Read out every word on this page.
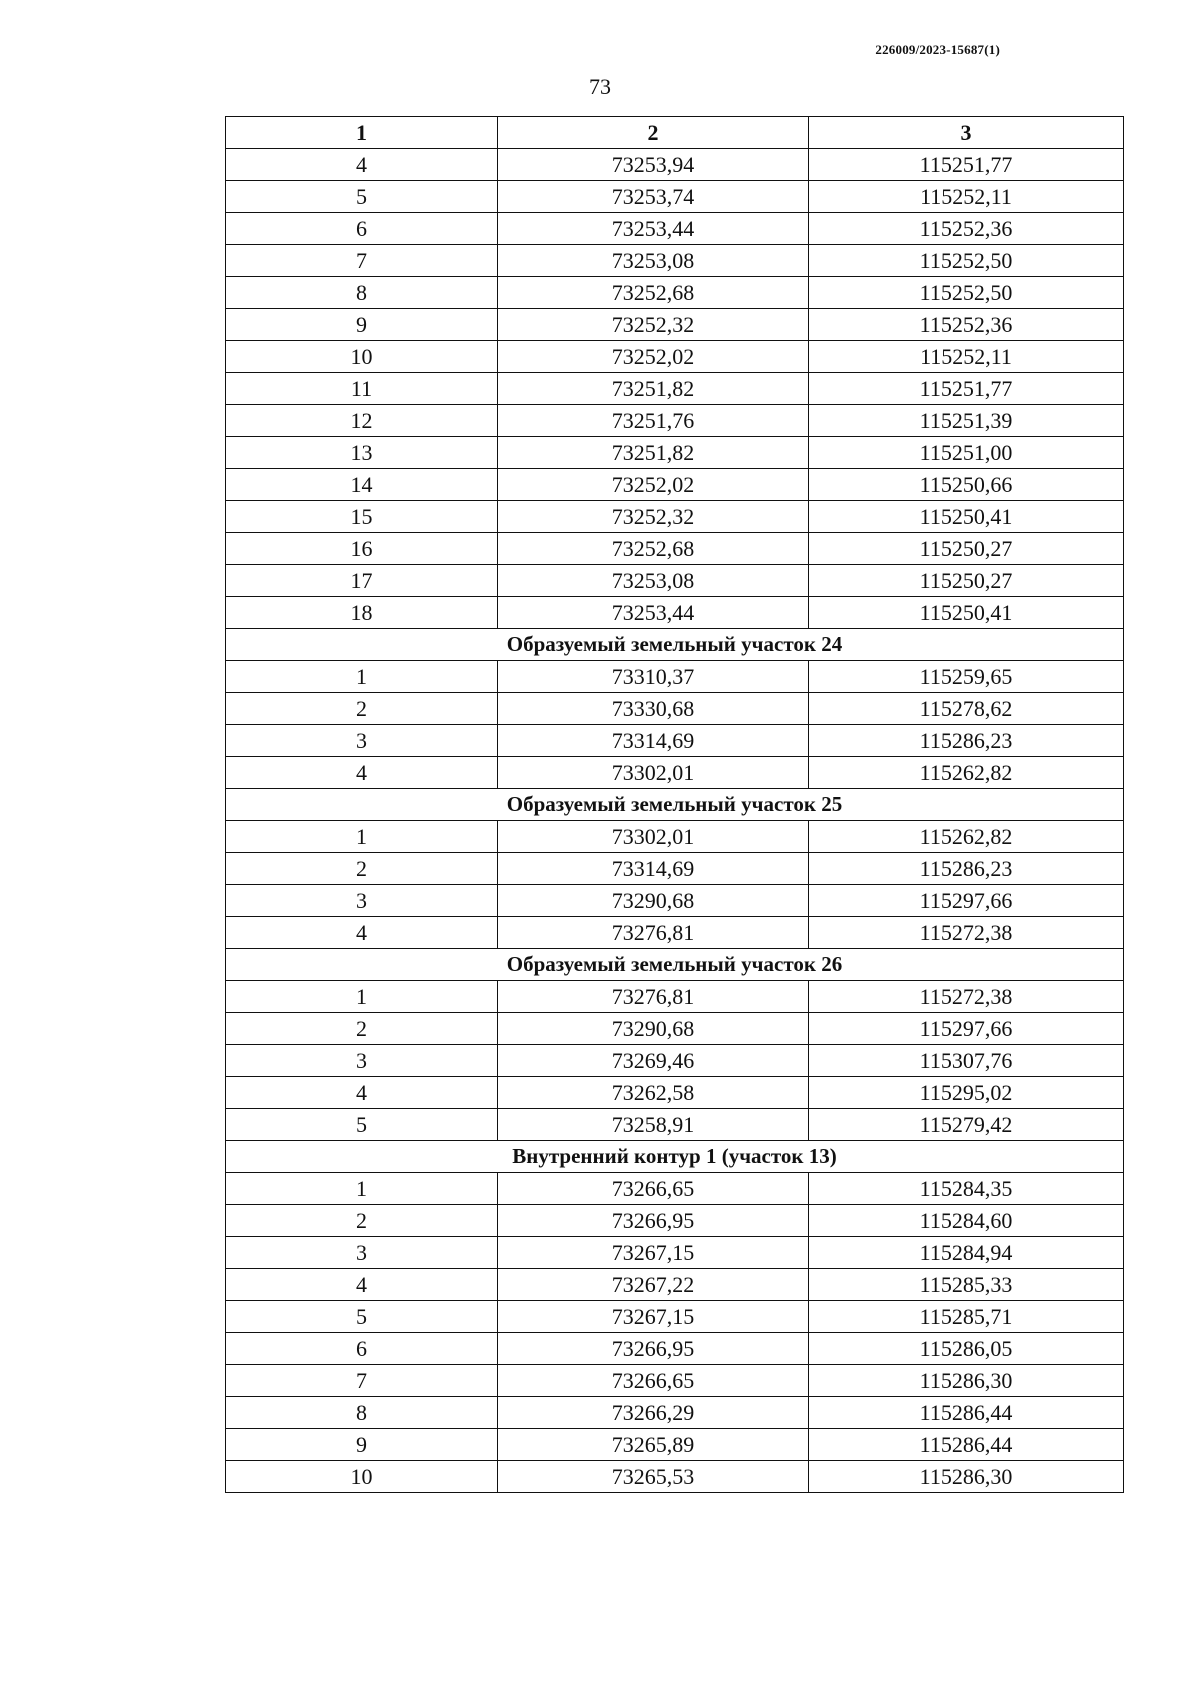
226009/2023-15687(1)
73
1	2	3
4	73253,94	115251,77
5	73253,74	115252,11
6	73253,44	115252,36
7	73253,08	115252,50
8	73252,68	115252,50
9	73252,32	115252,36
10	73252,02	115252,11
11	73251,82	115251,77
12	73251,76	115251,39
13	73251,82	115251,00
14	73252,02	115250,66
15	73252,32	115250,41
16	73252,68	115250,27
17	73253,08	115250,27
18	73253,44	115250,41
Образуемый земельный участок 24		
1	73310,37	115259,65
2	73330,68	115278,62
3	73314,69	115286,23
4	73302,01	115262,82
Образуемый земельный участок 25		
1	73302,01	115262,82
2	73314,69	115286,23
3	73290,68	115297,66
4	73276,81	115272,38
Образуемый земельный участок 26		
1	73276,81	115272,38
2	73290,68	115297,66
3	73269,46	115307,76
4	73262,58	115295,02
5	73258,91	115279,42
Внутренний контур 1 (участок 13)		
1	73266,65	115284,35
2	73266,95	115284,60
3	73267,15	115284,94
4	73267,22	115285,33
5	73267,15	115285,71
6	73266,95	115286,05
7	73266,65	115286,30
8	73266,29	115286,44
9	73265,89	115286,44
10	73265,53	115286,30
